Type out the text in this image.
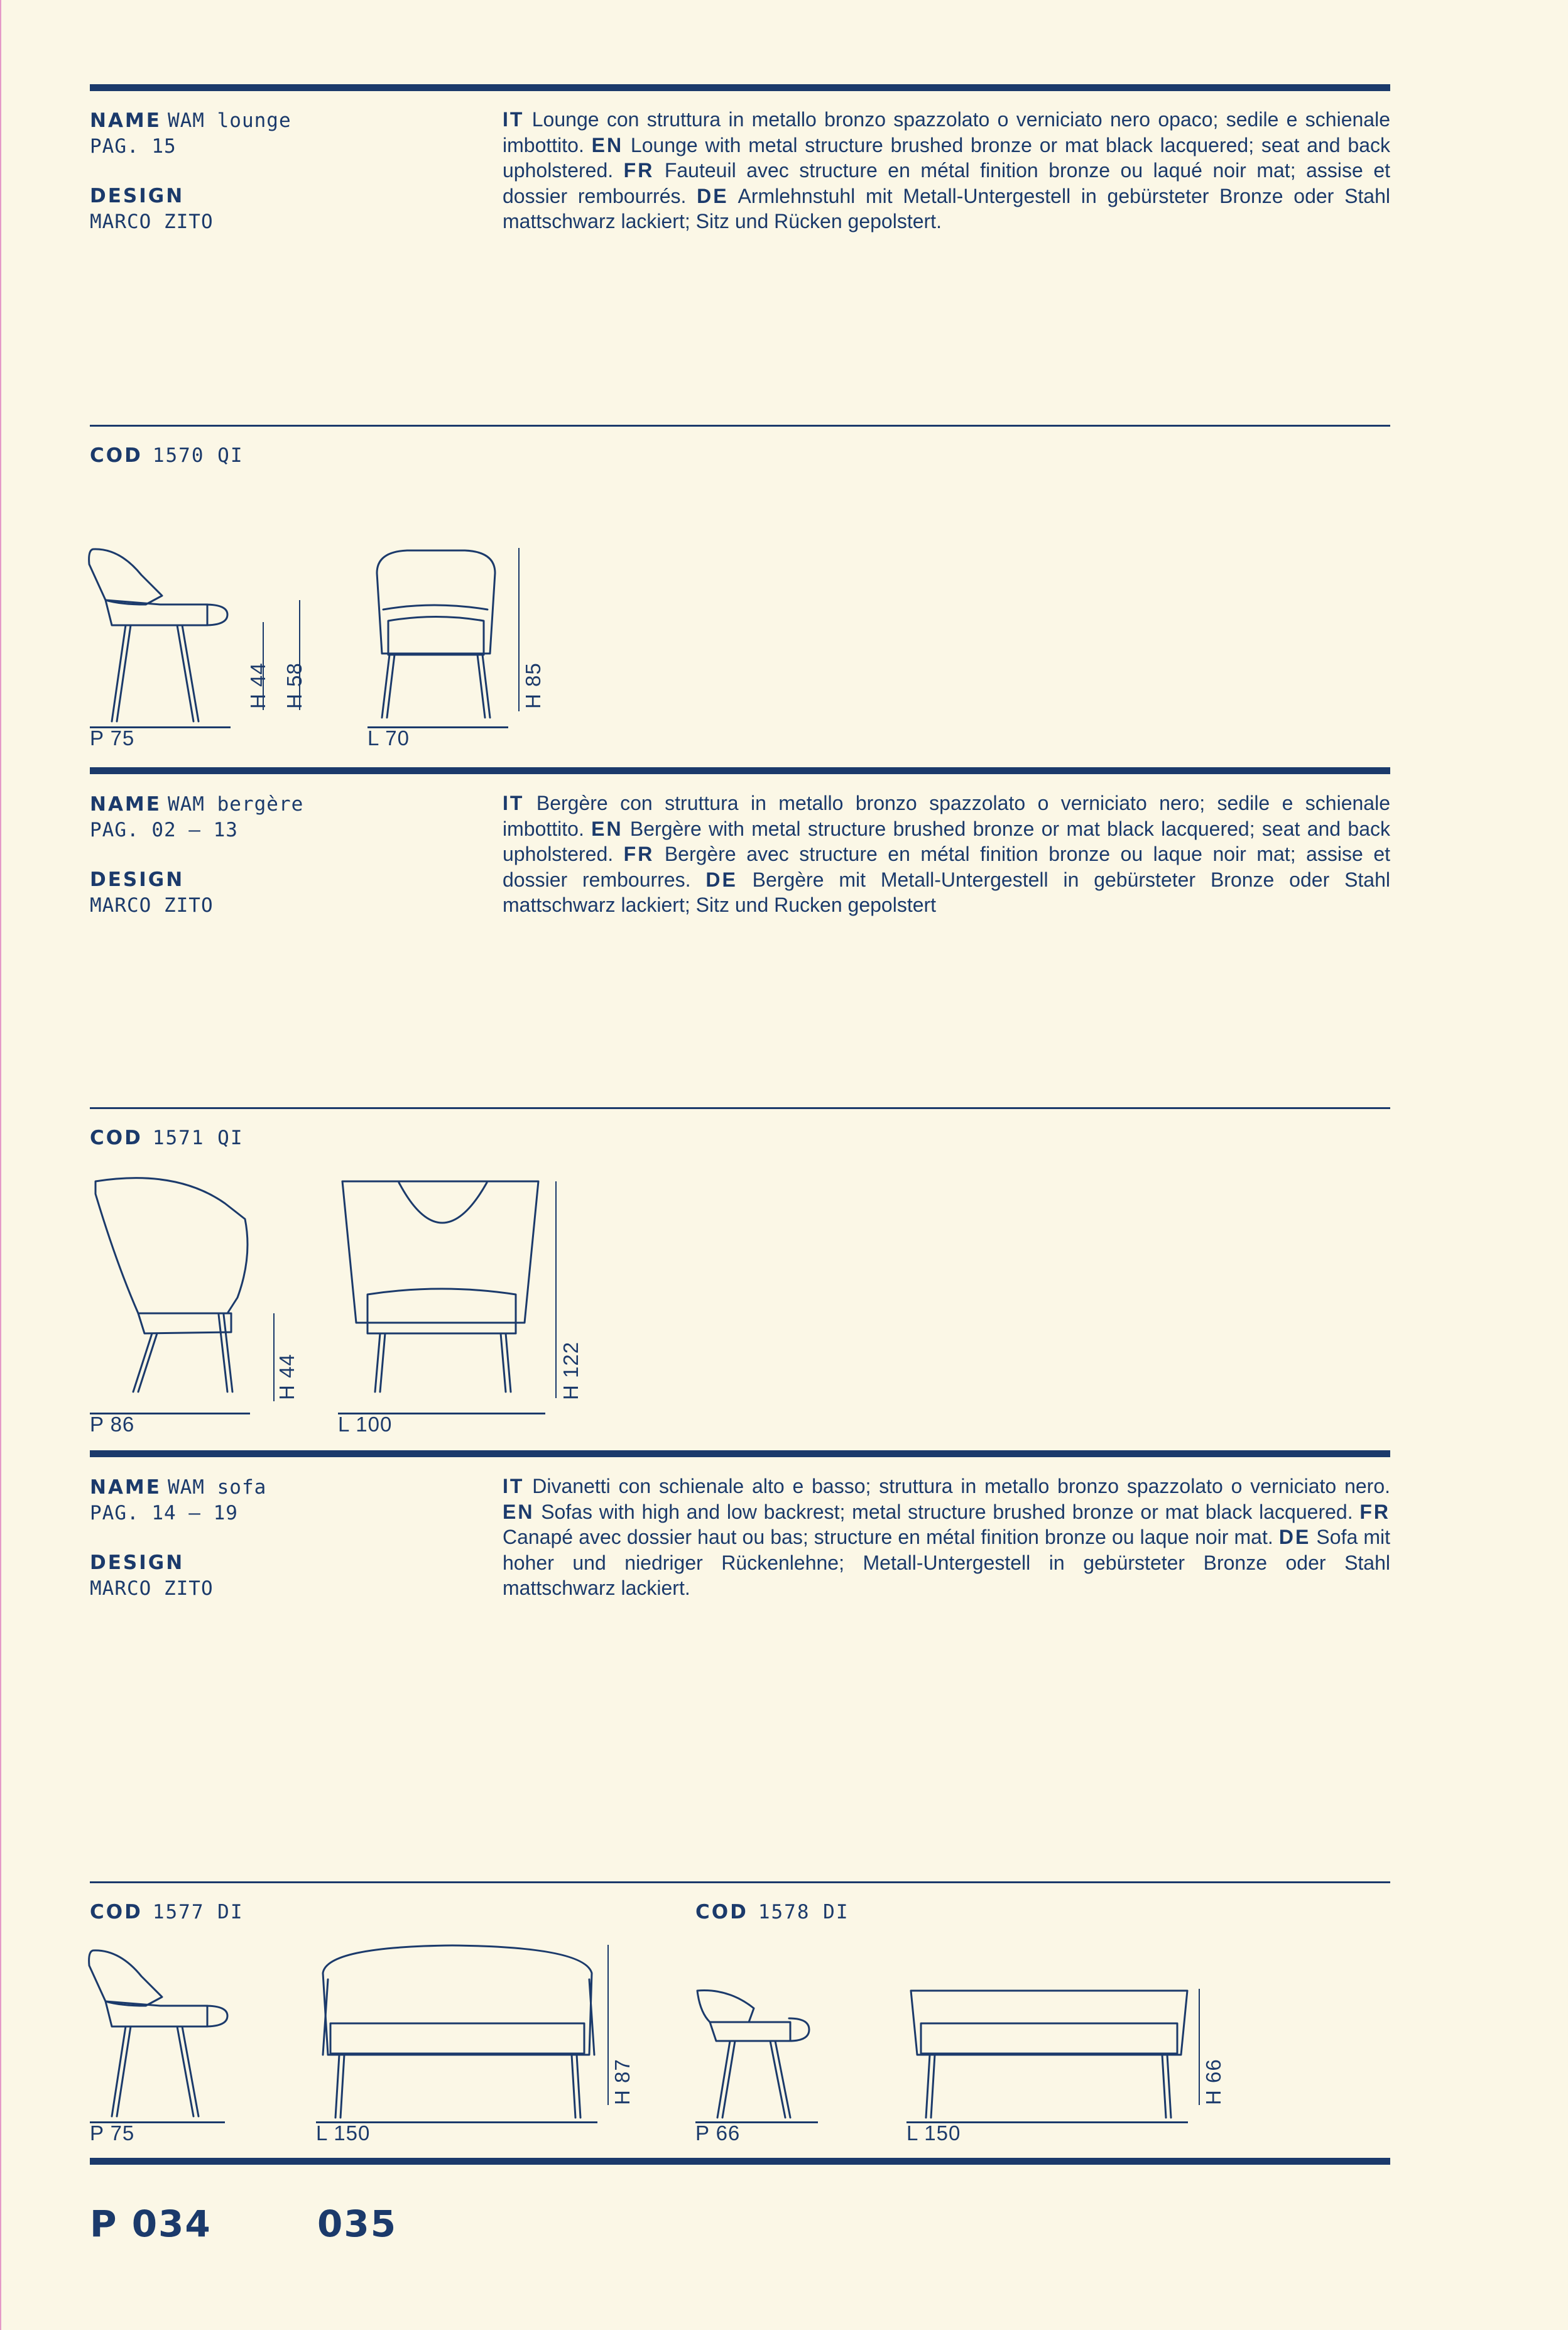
NAME WAM lounge
PAG. 15
DESIGN
MARCO ZITO
IT Lounge con struttura in metallo bronzo spazzolato o verniciato nero opaco; sedile e schienale imbottito. EN Lounge with metal structure brushed bronze or mat black lacquered; seat and back upholstered. FR Fauteuil avec structure en métal finition bronze ou laqué noir mat; assise et dossier rembourrés. DE Armlehnstuhl mit Metall-Untergestell in gebürsteter Bronze oder Stahl mattschwarz lackiert; Sitz und Rücken gepolstert.
COD 1570 QI
P 75
H 44 H 58
L 70
H 85
NAME WAM bergère
PAG. 02 – 13
DESIGN
MARCO ZITO
IT Bergère con struttura in metallo bronzo spazzolato o verniciato nero; sedile e schienale imbottito. EN Bergère with metal structure brushed bronze or mat black lacquered; seat and back upholstered. FR Bergère avec structure en métal finition bronze ou laque noir mat; assise et dossier rembourres. DE Bergère mit Metall-Untergestell in gebürsteter Bronze oder Stahl mattschwarz lackiert; Sitz und Rucken gepolstert
COD 1571 QI
P 86
H 44
L 100
H 122
NAME WAM sofa
PAG. 14 – 19
DESIGN
MARCO ZITO
IT Divanetti con schienale alto e basso; struttura in metallo bronzo spazzolato o verniciato nero. EN Sofas with high and low backrest; metal structure brushed bronze or mat black lacquered. FR Canapé avec dossier haut ou bas; structure en métal finition bronze ou laque noir mat. DE Sofa mit hoher und niedriger Rückenlehne; Metall-Untergestell in gebürsteter Bronze oder Stahl mattschwarz lackiert.
COD 1577 DI	COD 1578 DI
P 75	L 150
H 87
P 66	L 150
H 66
P 034	035
